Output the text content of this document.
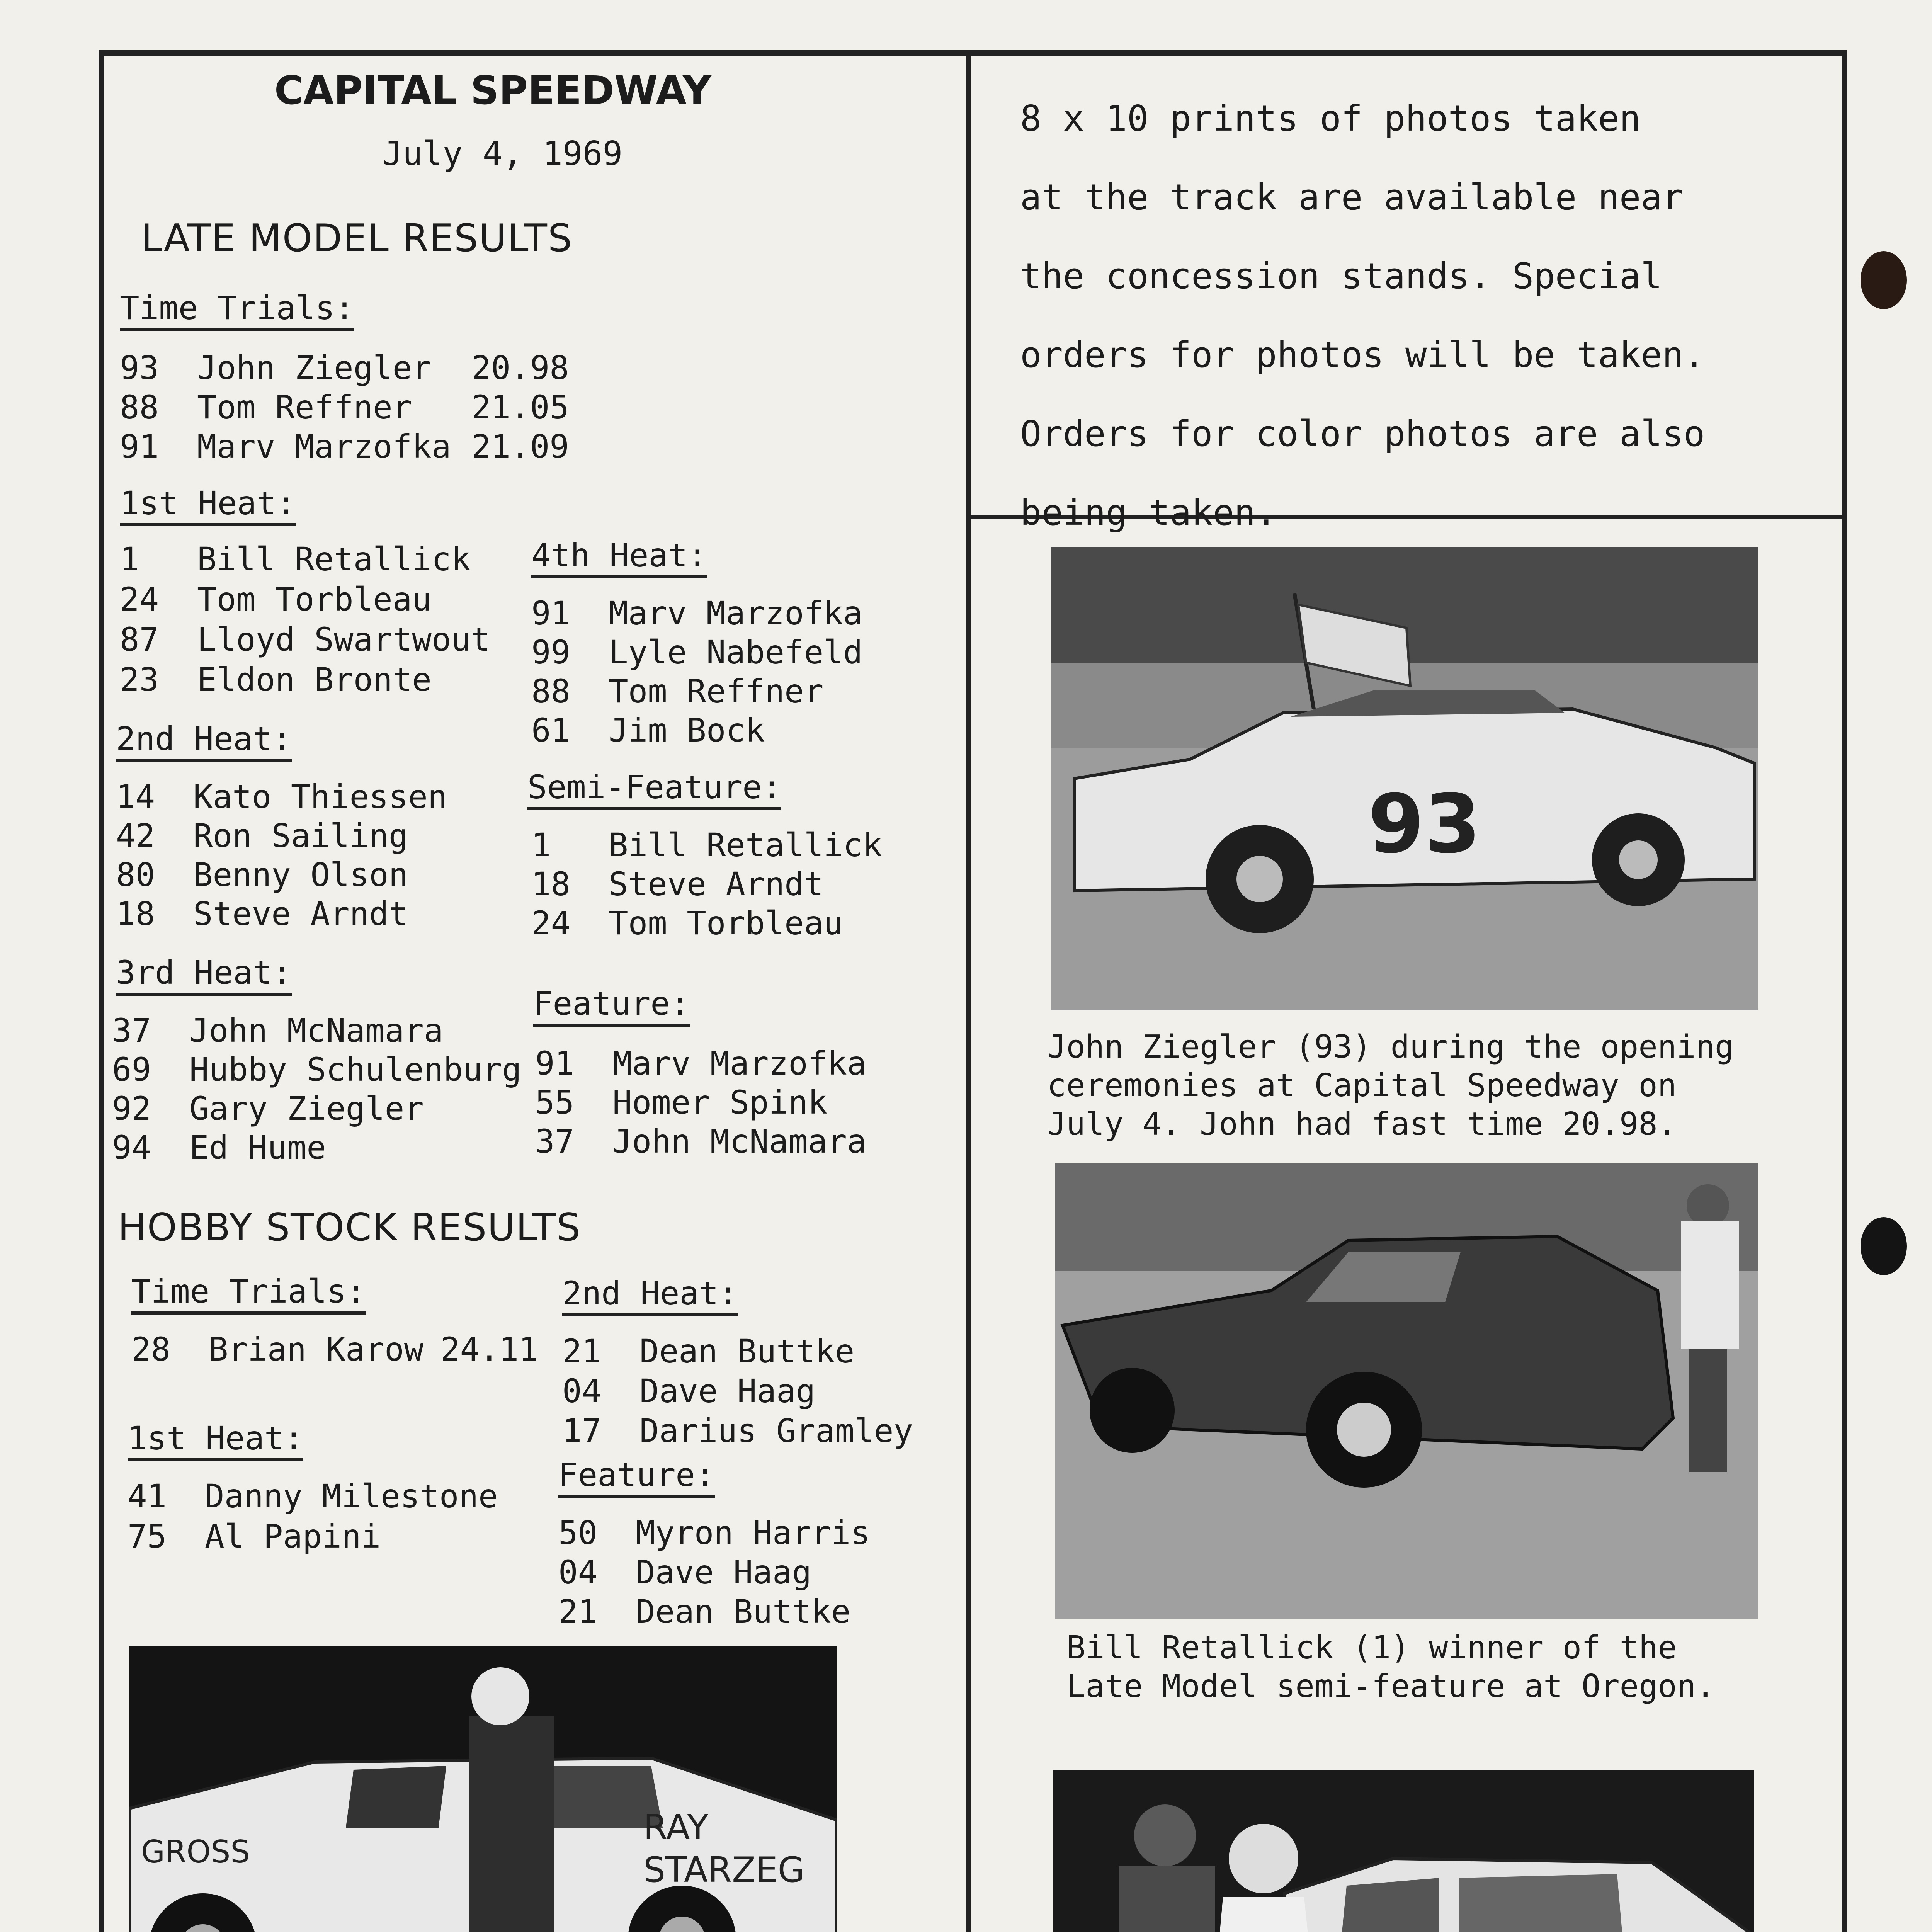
CAPITAL SPEEDWAY
July 4, 1969
LATE MODEL RESULTS
Time Trials:
1st Heat:
2nd Heat:
3rd Heat:
4th Heat:
Semi-Feature:
Feature:
HOBBY STOCK RESULTS
Time Trials:
1st Heat:
2nd Heat:
Feature:
93 John Ziegler 20.98
88 Tom Reffner 21.05
91 Marv Marzofka 21.09
1 Bill Retallick
24 Tom Torbleau
87 Lloyd Swartwout
23 Eldon Bronte
14 Kato Thiessen
42 Ron Sailing
80 Benny Olson
18 Steve Arndt
37 John McNamara
69 Hubby Schulenburg
92 Gary Ziegler
94 Ed Hume
91 Marv Marzofka
99 Lyle Nabefeld
88 Tom Reffner
61 Jim Bock
1 Bill Retallick
18 Steve Arndt
24 Tom Torbleau
91 Marv Marzofka
55 Homer Spink
37 John McNamara
28 Brian Karow 24.11
41 Danny Milestone
75 Al Papini
21 Dean Buttke
04 Dave Haag
17 Darius Gramley
50 Myron Harris
04 Dave Haag
21 Dean Buttke
8 x 10 prints of photos taken
at the track are available near
the concession stands. Special
orders for photos will be taken.
Orders for color photos are also
being taken.
93
John Ziegler (93) during the opening
ceremonies at Capital Speedway on
July 4. John had fast time 20.98.
Bill Retallick (1) winner of the
Late Model semi-feature at Oregon.
GROSS
RAY
STARZEG
